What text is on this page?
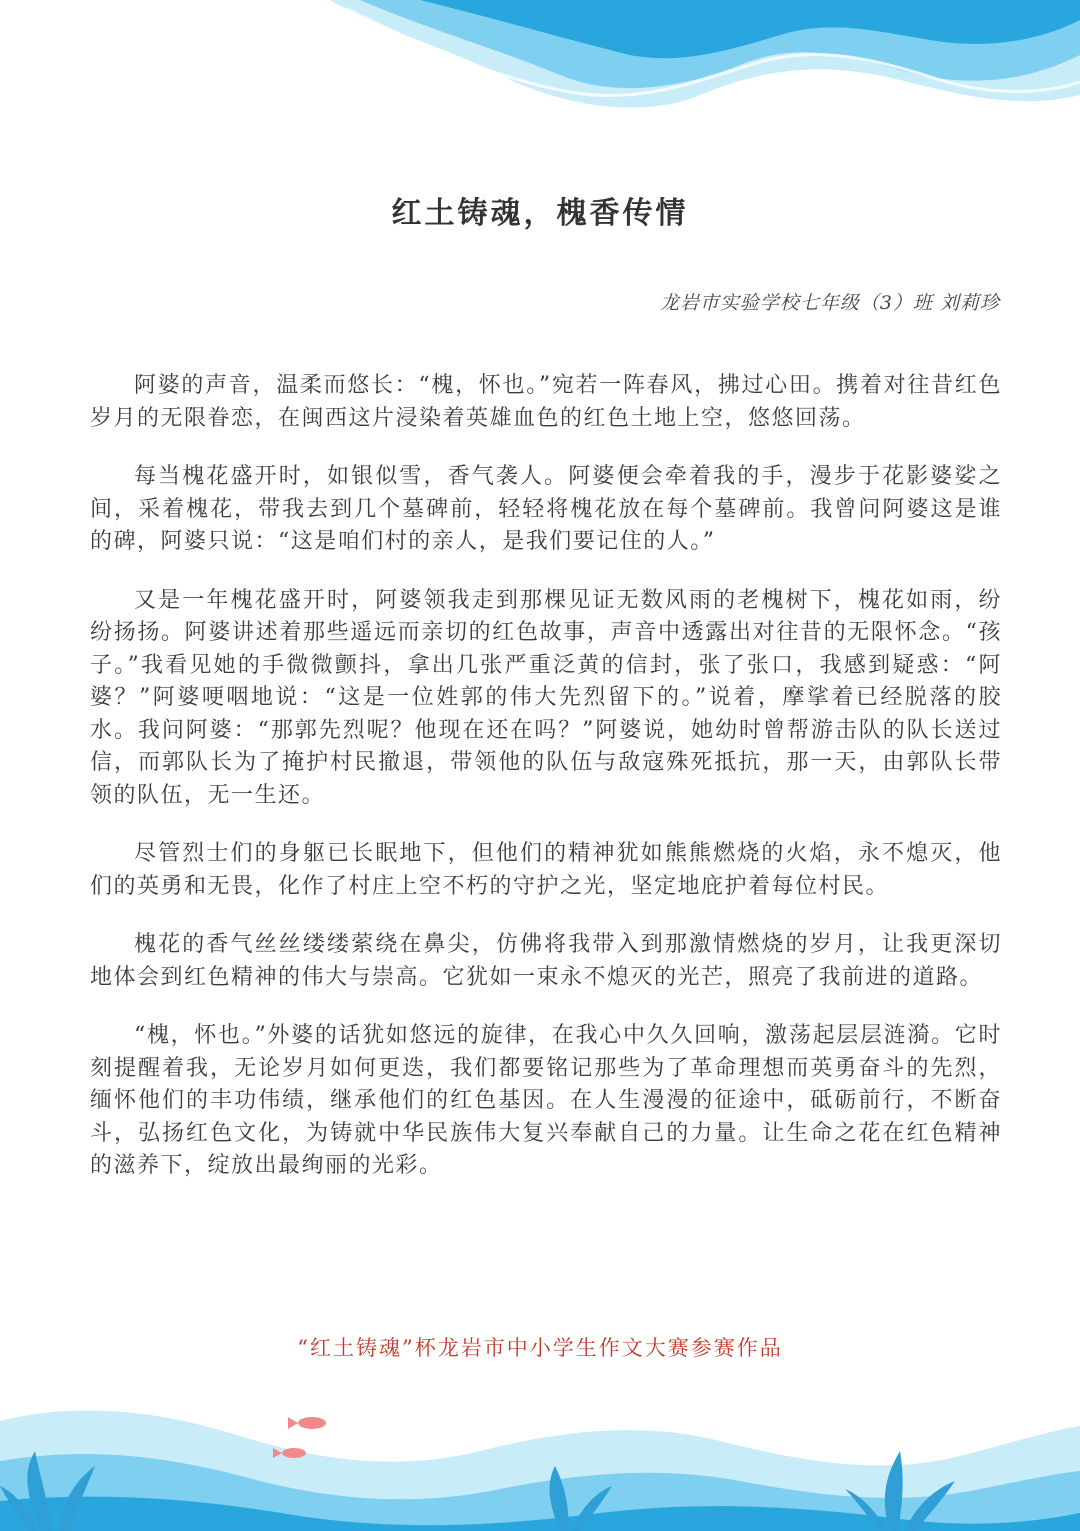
红土铸魂，槐香传情
龙岩市实验学校七年级（3）班 刘莉珍

阿婆的声音，温柔而悠长：“槐，怀也。”宛若一阵春风，拂过心田。携着对往昔红色岁月的无限眷恋，在闽西这片浸染着英雄血色的红色土地上空，悠悠回荡。

每当槐花盛开时，如银似雪，香气袭人。阿婆便会牵着我的手，漫步于花影婆娑之间，采着槐花，带我去到几个墓碑前，轻轻将槐花放在每个墓碑前。我曾问阿婆这是谁的碑，阿婆只说：“这是咱们村的亲人，是我们要记住的人。”

又是一年槐花盛开时，阿婆领我走到那棵见证无数风雨的老槐树下，槐花如雨，纷纷扬扬。阿婆讲述着那些遥远而亲切的红色故事，声音中透露出对往昔的无限怀念。“孩子。”我看见她的手微微颤抖，拿出几张严重泛黄的信封，张了张口，我感到疑惑：“阿婆？”阿婆哽咽地说：“这是一位姓郭的伟大先烈留下的。”说着，摩挲着已经脱落的胶水。我问阿婆：“那郭先烈呢？他现在还在吗？”阿婆说，她幼时曾帮游击队的队长送过信，而郭队长为了掩护村民撤退，带领他的队伍与敌寇殊死抵抗，那一天，由郭队长带领的队伍，无一生还。

尽管烈士们的身躯已长眠地下，但他们的精神犹如熊熊燃烧的火焰，永不熄灭，他们的英勇和无畏，化作了村庄上空不朽的守护之光，坚定地庇护着每位村民。

槐花的香气丝丝缕缕萦绕在鼻尖，仿佛将我带入到那激情燃烧的岁月，让我更深切地体会到红色精神的伟大与崇高。它犹如一束永不熄灭的光芒，照亮了我前进的道路。

“槐，怀也。”外婆的话犹如悠远的旋律，在我心中久久回响，激荡起层层涟漪。它时刻提醒着我，无论岁月如何更迭，我们都要铭记那些为了革命理想而英勇奋斗的先烈，缅怀他们的丰功伟绩，继承他们的红色基因。在人生漫漫的征途中，砥砺前行，不断奋斗，弘扬红色文化，为铸就中华民族伟大复兴奉献自己的力量。让生命之花在红色精神的滋养下，绽放出最绚丽的光彩。

“红土铸魂”杯龙岩市中小学生作文大赛参赛作品
